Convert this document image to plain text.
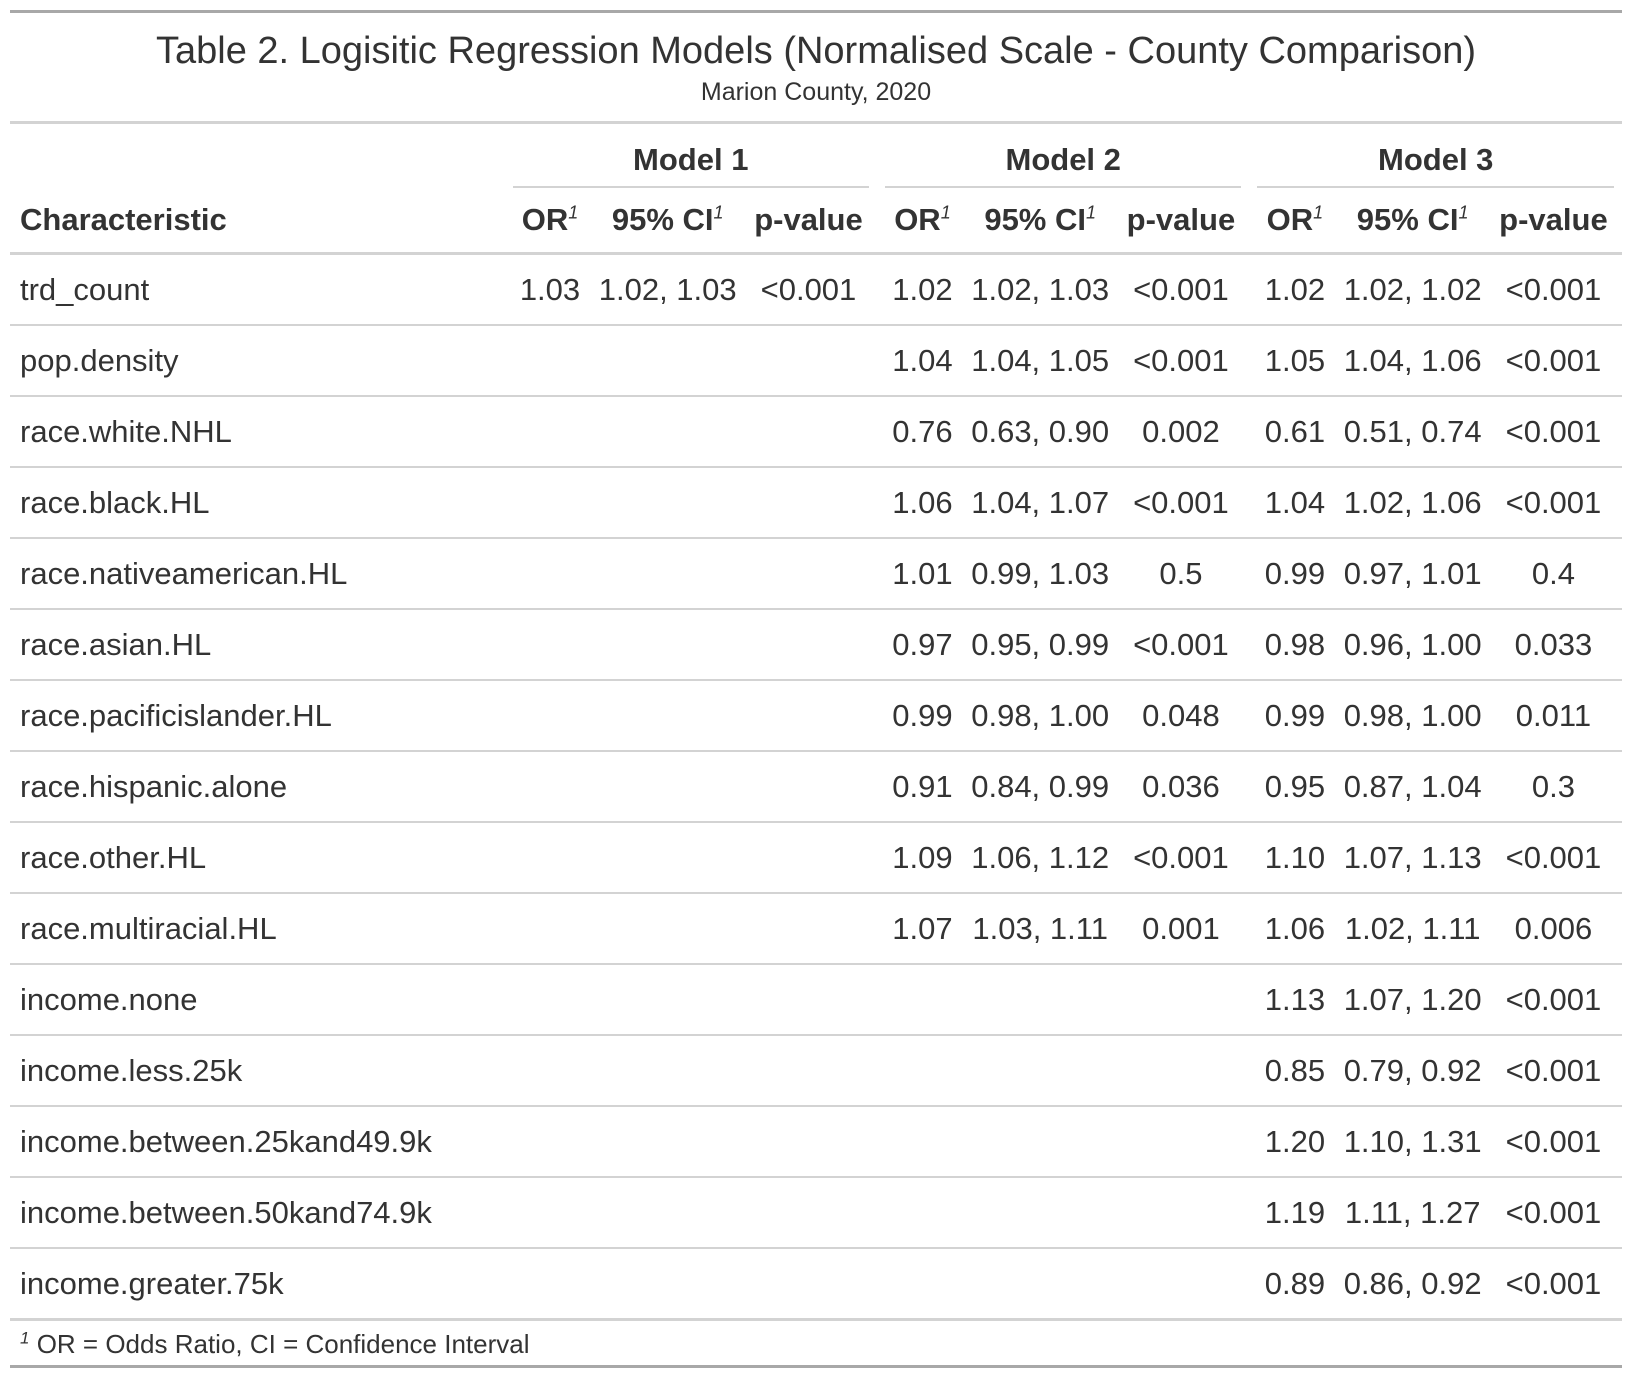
Table 2. Logisitic Regression Models (Normalised Scale - County Comparison)
Marion County, 2020

	Model 1			Model 2			Model 3		

Characteristic	$OR^1$	95% $CI^1$	p-value	$OR^1$	95% $CI^1$	p-value	$OR^1$	95% $CI^1$	p-value
trd_count	1.03	1.02, 1.03	<0.001	1.02	1.02, 1.03	<0.001	1.02	1.02, 1.02	<0.001
pop.density				1.04	1.04, 1.05	<0.001	1.05	1.04, 1.06	<0.001
race.white.NHL				0.76	0.63, 0.90	0.002	0.61	0.51, 0.74	<0.001
race.black.HL				1.06	1.04, 1.07	<0.001	1.04	1.02, 1.06	<0.001
race.nativeamerican.HL				1.01	0.99, 1.03	0.5	0.99	0.97, 1.01	0.4
race.asian.HL				0.97	0.95, 0.99	<0.001	0.98	0.96, 1.00	0.033
race.pacificislander.HL				0.99	0.98, 1.00	0.048	0.99	0.98, 1.00	0.011
race.hispanic.alone				0.91	0.84, 0.99	0.036	0.95	0.87, 1.04	0.3
race.other.HL				1.09	1.06, 1.12	<0.001	1.10	1.07, 1.13	<0.001
race.multiracial.HL				1.07	1.03, 1.11	0.001	1.06	1.02, 1.11	0.006
income.none							1.13	1.07, 1.20	<0.001
income.less.25k							0.85	0.79, 0.92	<0.001
income.between.25kand49.9k							1.20	1.10, 1.31	<0.001
income.between.50kand74.9k							1.19	1.11, 1.27	<0.001
income.greater.75k							0.89	0.86, 0.92	<0.001
$^1$ OR = Odds Ratio, CI = Confidence Interval
